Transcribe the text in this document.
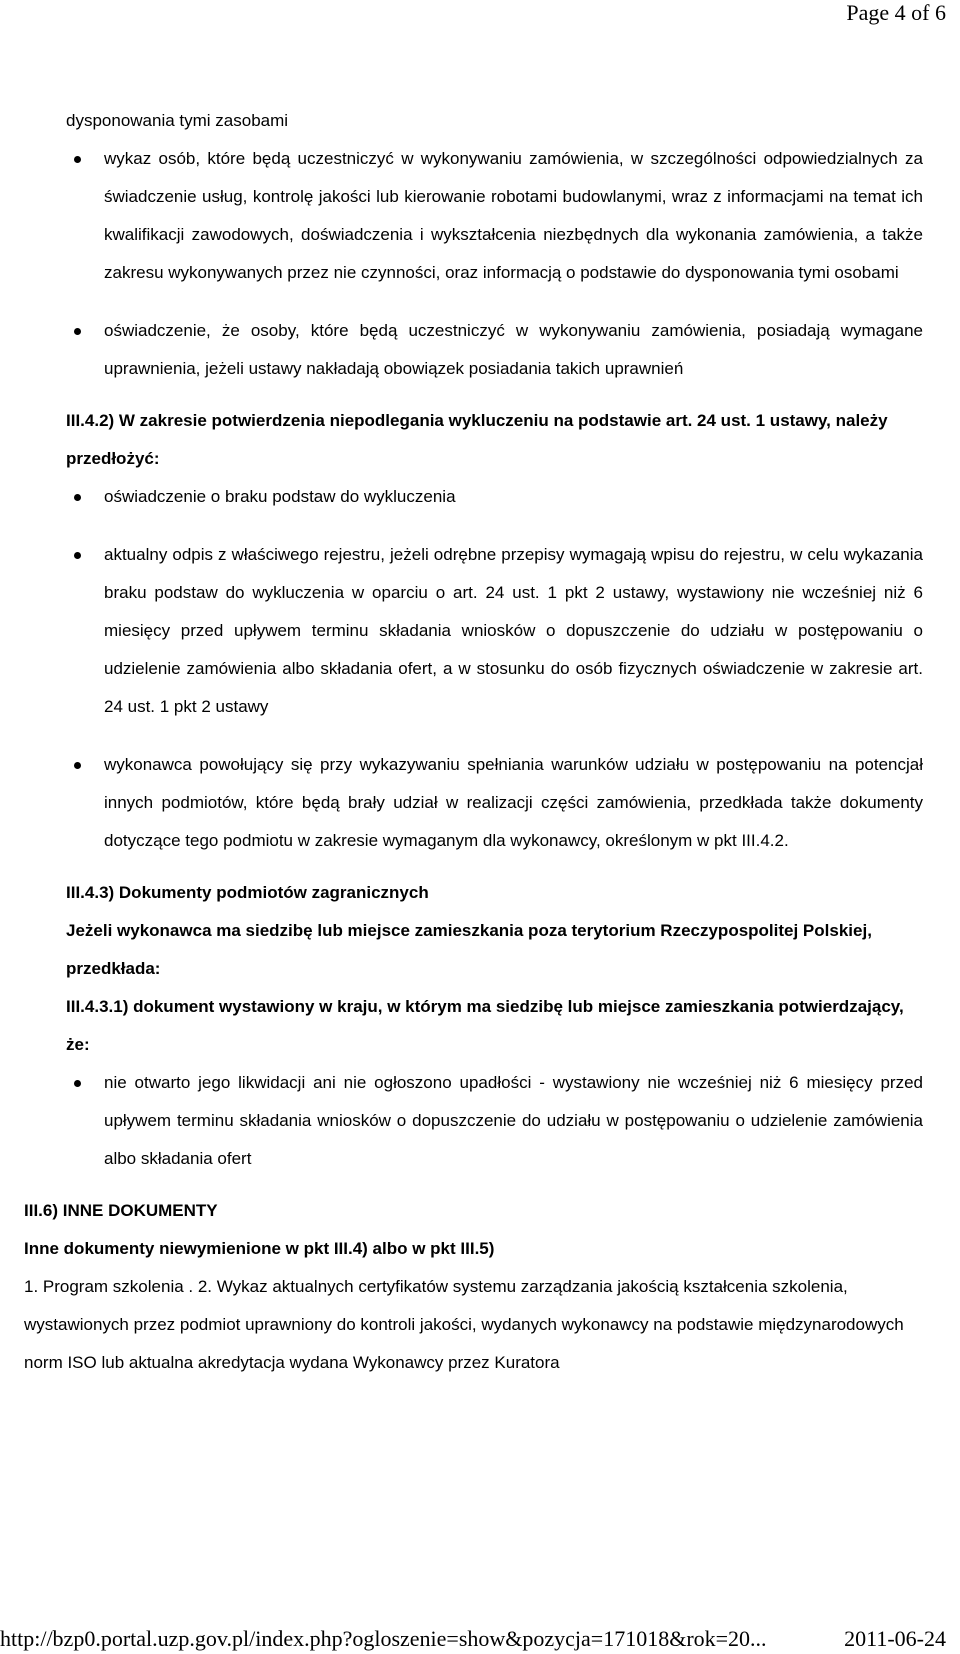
Page 4 of 6

dysponowania tymi zasobami

wykaz osób, które będą uczestniczyć w wykonywaniu zamówienia, w szczególności odpowiedzialnych za świadczenie usług, kontrolę jakości lub kierowanie robotami budowlanymi, wraz z informacjami na temat ich kwalifikacji zawodowych, doświadczenia i wykształcenia niezbędnych dla wykonania zamówienia, a także zakresu wykonywanych przez nie czynności, oraz informacją o podstawie do dysponowania tymi osobami
oświadczenie, że osoby, które będą uczestniczyć w wykonywaniu zamówienia, posiadają wymagane uprawnienia, jeżeli ustawy nakładają obowiązek posiadania takich uprawnień

III.4.2) W zakresie potwierdzenia niepodlegania wykluczeniu na podstawie art. 24 ust. 1 ustawy, należy przedłożyć:

oświadczenie o braku podstaw do wykluczenia
aktualny odpis z właściwego rejestru, jeżeli odrębne przepisy wymagają wpisu do rejestru, w celu wykazania braku podstaw do wykluczenia w oparciu o art. 24 ust. 1 pkt 2 ustawy, wystawiony nie wcześniej niż 6 miesięcy przed upływem terminu składania wniosków o dopuszczenie do udziału w postępowaniu o udzielenie zamówienia albo składania ofert, a w stosunku do osób fizycznych oświadczenie w zakresie art. 24 ust. 1 pkt 2 ustawy
wykonawca powołujący się przy wykazywaniu spełniania warunków udziału w postępowaniu na potencjał innych podmiotów, które będą brały udział w realizacji części zamówienia, przedkłada także dokumenty dotyczące tego podmiotu w zakresie wymaganym dla wykonawcy, określonym w pkt III.4.2.

III.4.3) Dokumenty podmiotów zagranicznych

Jeżeli wykonawca ma siedzibę lub miejsce zamieszkania poza terytorium Rzeczypospolitej Polskiej, przedkłada:

III.4.3.1) dokument wystawiony w kraju, w którym ma siedzibę lub miejsce zamieszkania potwierdzający, że:

nie otwarto jego likwidacji ani nie ogłoszono upadłości - wystawiony nie wcześniej niż 6 miesięcy przed upływem terminu składania wniosków o dopuszczenie do udziału w postępowaniu o udzielenie zamówienia albo składania ofert

III.6) INNE DOKUMENTY

Inne dokumenty niewymienione w pkt III.4) albo w pkt III.5)

1. Program szkolenia . 2. Wykaz aktualnych certyfikatów systemu zarządzania jakością kształcenia szkolenia, wystawionych przez podmiot uprawniony do kontroli jakości, wydanych wykonawcy na podstawie międzynarodowych norm ISO lub aktualna akredytacja wydana Wykonawcy przez Kuratora

http://bzp0.portal.uzp.gov.pl/index.php?ogloszenie=show&pozycja=171018&rok=20...	2011-06-24
